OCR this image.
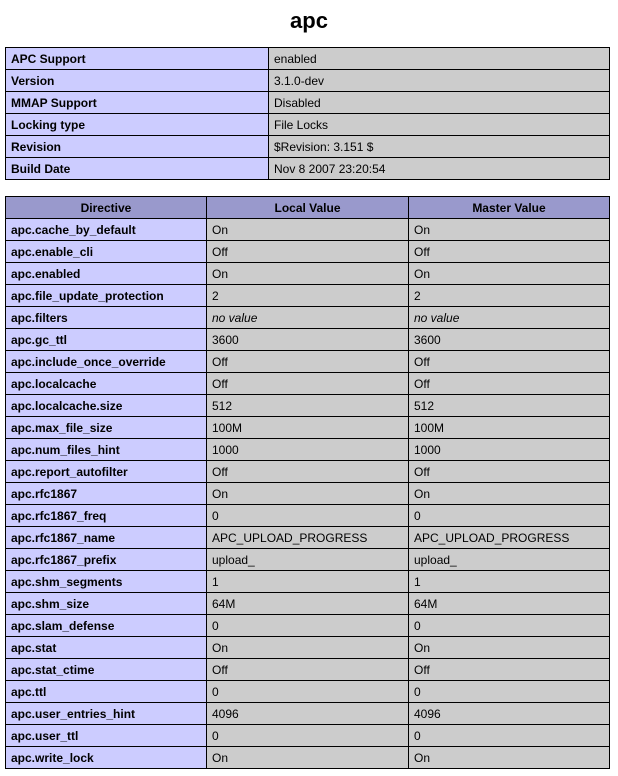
apc
APC Support	enabled
Version	3.1.0-dev
MMAP Support	Disabled
Locking type	File Locks
Revision	$Revision: 3.151 $
Build Date	Nov 8 2007 23:20:54
Directive	Local Value	Master Value
apc.cache_by_default	On	On
apc.enable_cli	Off	Off
apc.enabled	On	On
apc.file_update_protection	2	2
apc.filters	no value	no value
apc.gc_ttl	3600	3600
apc.include_once_override	Off	Off
apc.localcache	Off	Off
apc.localcache.size	512	512
apc.max_file_size	100M	100M
apc.num_files_hint	1000	1000
apc.report_autofilter	Off	Off
apc.rfc1867	On	On
apc.rfc1867_freq	0	0
apc.rfc1867_name	APC_UPLOAD_PROGRESS	APC_UPLOAD_PROGRESS
apc.rfc1867_prefix	upload_	upload_
apc.shm_segments	1	1
apc.shm_size	64M	64M
apc.slam_defense	0	0
apc.stat	On	On
apc.stat_ctime	Off	Off
apc.ttl	0	0
apc.user_entries_hint	4096	4096
apc.user_ttl	0	0
apc.write_lock	On	On
